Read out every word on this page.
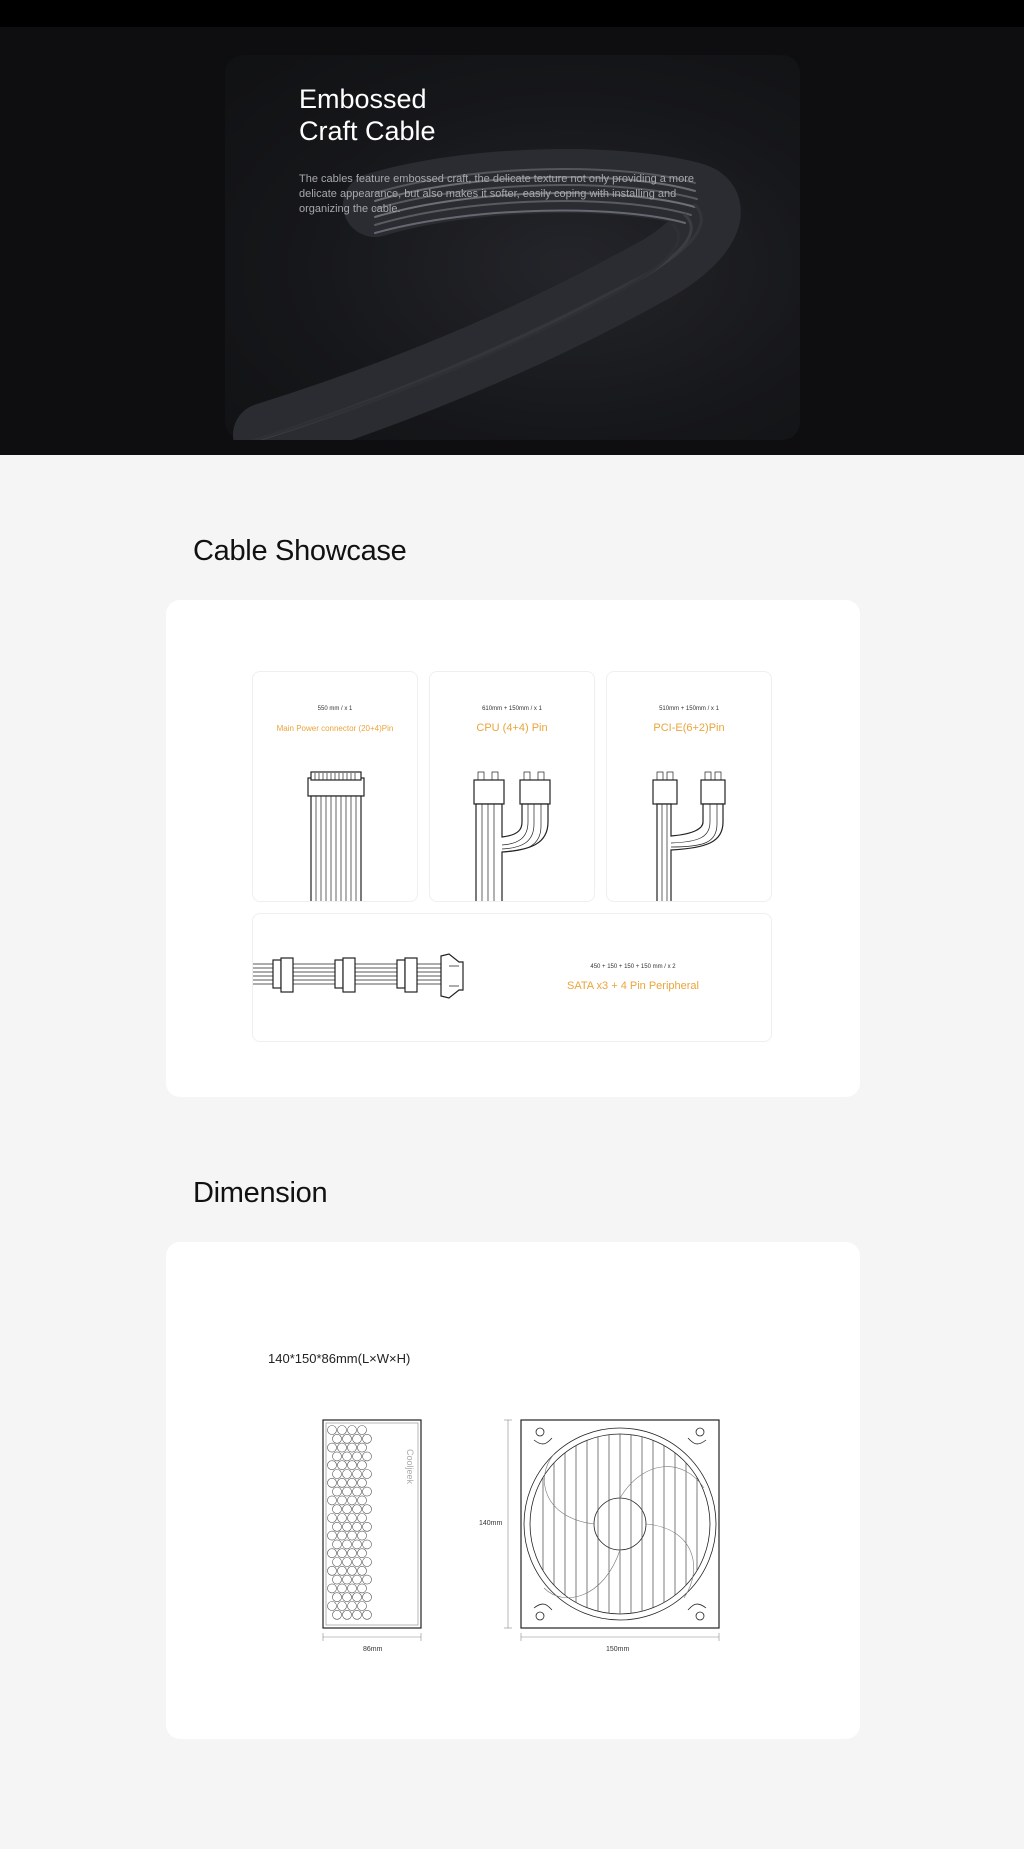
Embossed
Craft Cable
The cables feature embossed craft, the delicate texture not only providing a more delicate appearance, but also makes it softer, easily coping with installing and organizing the cable.
Cable Showcase
550 mm / x 1
Main Power connector (20+4)Pin
610mm + 150mm / x 1
CPU (4+4) Pin
510mm + 150mm / x 1
PCI-E(6+2)Pin
450 + 150 + 150 + 150 mm / x 2
SATA x3 + 4 Pin Peripheral
Dimension
140*150*86mm(L×W×H)
Cooljeek
86mm
140mm
150mm
